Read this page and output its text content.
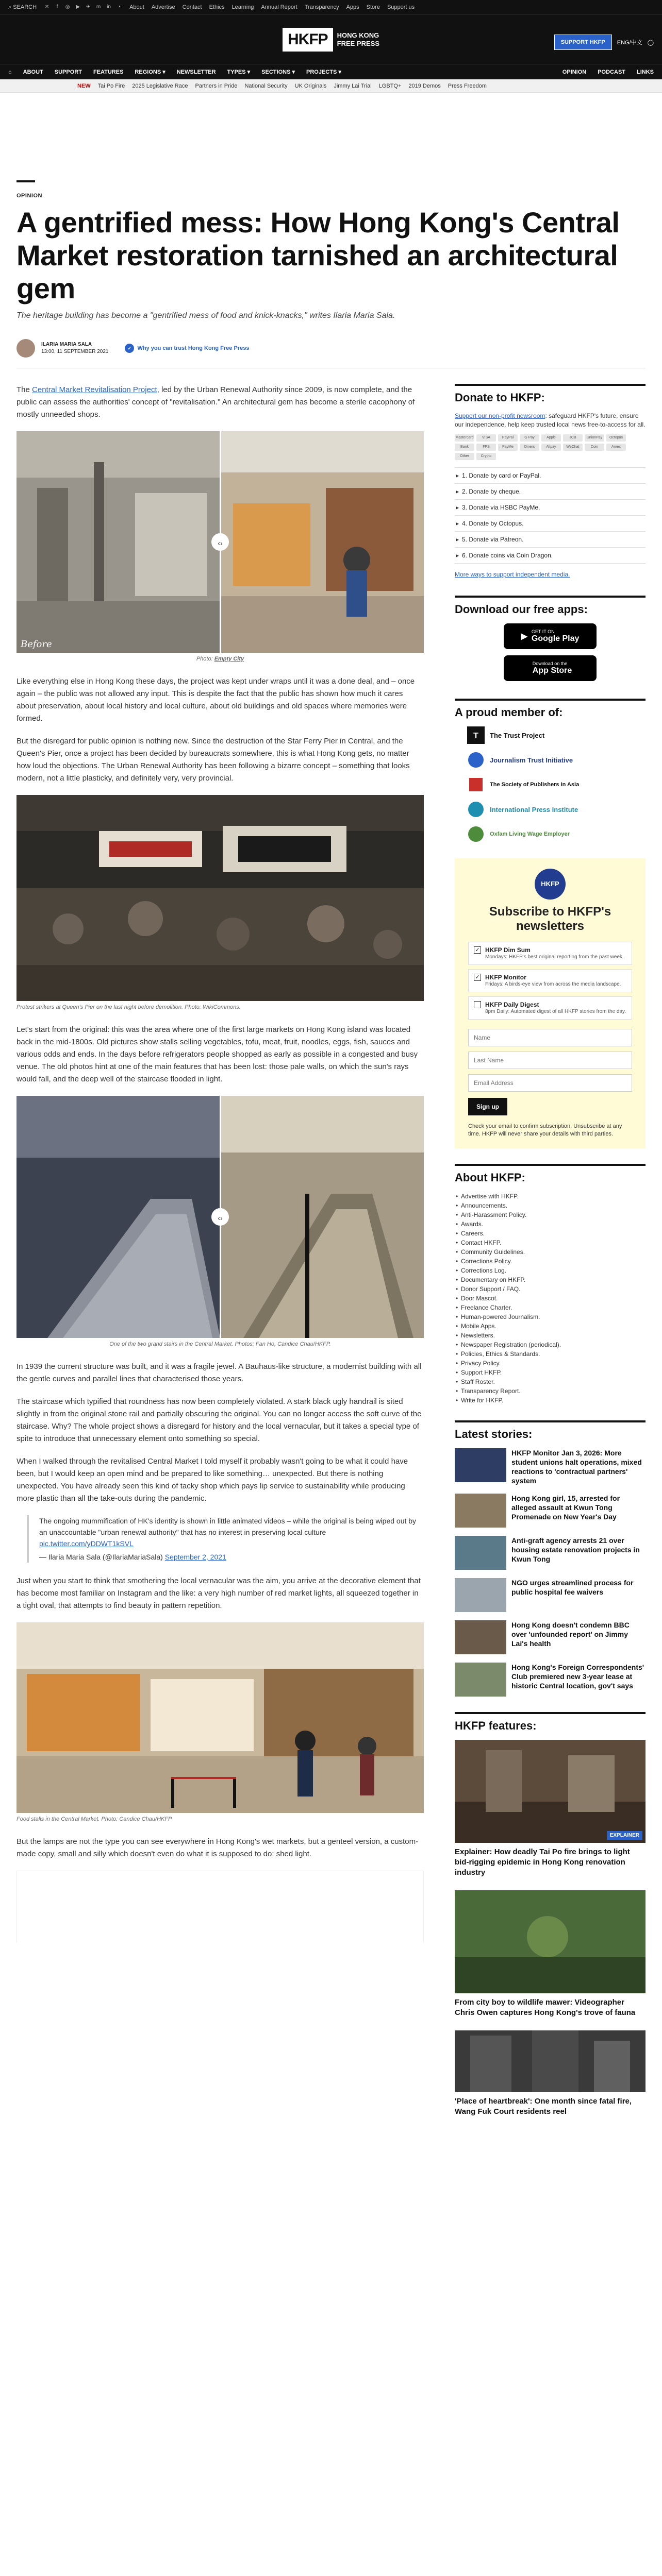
⌕ SEARCH ✕	f	◎ ▶ ✈ m in ◔ About Advertise Contact Ethics Learning Annual Report Transparency Apps Store Support us
HKFP	HONG KONG
FREE PRESS	SUPPORT HKFP	ENG/中文 ◯
⌂ ABOUT SUPPORT FEATURES REGIONS ▾ NEWSLETTER TYPES ▾ SECTIONS ▾ PROJECTS ▾	OPINION PODCAST LINKS
NEW Tai Po Fire 2025 Legislative Race Partners in Pride National Security UK Originals Jimmy Lai Trial LGBTQ+ 2019 Demos Press Freedom
OPINION
A gentrified mess: How Hong Kong's Central Market restoration tarnished an architectural gem
The heritage building has become a "gentrified mess of food and knick-knacks," writes Ilaria Maria Sala.
ILARIA MARIA SALA
13:00, 11 SEPTEMBER 2021
✓	Why you can trust Hong Kong Free Press

The Central Market Revitalisation Project, led by the Urban Renewal Authority since 2009, is now complete, and the public can assess the authorities' concept of "revitalisation." An architectural gem has become a sterile cacophony of mostly unneeded shops.

‹›
Before
Photo: Empty City

Like everything else in Hong Kong these days, the project was kept under wraps until it was a done deal, and – once again – the public was not allowed any input. This is despite the fact that the public has shown how much it cares about preservation, about local history and local culture, about old buildings and old spaces where memories were formed.

But the disregard for public opinion is nothing new. Since the destruction of the Star Ferry Pier in Central, and the Queen's Pier, once a project has been decided by bureaucrats somewhere, this is what Hong Kong gets, no matter how loud the objections. The Urban Renewal Authority has been following a bizarre concept – something that looks modern, not a little plasticky, and definitely very, very provincial.

Protest strikers at Queen's Pier on the last night before demolition. Photo: WikiCommons.

Let's start from the original: this was the area where one of the first large markets on Hong Kong island was located back in the mid-1800s. Old pictures show stalls selling vegetables, tofu, meat, fruit, noodles, eggs, fish, sauces and various odds and ends. In the days before refrigerators people shopped as early as possible in a congested and busy venue. The old photos hint at one of the main features that has been lost: those pale walls, on which the sun's rays would fall, and the deep well of the staircase flooded in light.

‹›
One of the two grand stairs in the Central Market. Photos: Fan Ho, Candice Chau/HKFP.

In 1939 the current structure was built, and it was a fragile jewel. A Bauhaus-like structure, a modernist building with all the gentle curves and parallel lines that characterised those years.

The staircase which typified that roundness has now been completely violated. A stark black ugly handrail is sited slightly in from the original stone rail and partially obscuring the original. You can no longer access the soft curve of the staircase. Why? The whole project shows a disregard for history and the local vernacular, but it takes a special type of spite to introduce that unnecessary element onto something so special.

When I walked through the revitalised Central Market I told myself it probably wasn't going to be what it could have been, but I would keep an open mind and be prepared to like something… unexpected. But there is nothing unexpected. You have already seen this kind of tacky shop which pays lip service to sustainability while producing more plastic than all the take-outs during the pandemic.

The ongoing mummification of HK's identity is shown in little animated videos – while the original is being wiped out by an unaccountable "urban renewal authority" that has no interest in preserving local culture
pic.twitter.com/yDDWT1kSVL
— Ilaria Maria Sala (@IlariaMariaSala) September 2, 2021

Just when you start to think that smothering the local vernacular was the aim, you arrive at the decorative element that has become most familiar on Instagram and the like: a very high number of red market lights, all squeezed together in a tight oval, that attempts to find beauty in pattern repetition.

Food stalls in the Central Market. Photo: Candice Chau/HKFP

But the lamps are not the type you can see everywhere in Hong Kong's wet markets, but a genteel version, a custom-made copy, small and silly which doesn't even do what it is supposed to do: shed light.

Donate to HKFP:
Support our non-profit newsroom: safeguard HKFP's future, ensure our independence, help keep trusted local news free-to-access for all.
Mastercard	VISA	PayPal	G Pay	Apple	JCB	UnionPay	Octopus
Bank	FPS	PayMe	Diners	Alipay	WeChat	Coin	Amex
Other	Crypto
▸ 1. Donate by card or PayPal.
▸ 2. Donate by cheque.
▸ 3. Donate via HSBC PayMe.
▸ 4. Donate by Octopus.
▸ 5. Donate via Patreon.
▸ 6. Donate coins via Coin Dragon.
More ways to support independent media.
Download our free apps:
▶
GET IT ON
Google Play
Download on the
App Store
A proud member of:
T The Trust Project
Journalism Trust Initiative
The Society of Publishers in Asia
International Press Institute
Oxfam Living Wage Employer
HKFP
Subscribe to HKFP's newsletters
✓ HKFP Dim Sum
Mondays: HKFP's best original reporting from the past week.
✓ HKFP Monitor
Fridays: A birds-eye view from across the media landscape.
HKFP Daily Digest
8pm Daily: Automated digest of all HKFP stories from the day.
Name Last Name Email Address Sign up
Check your email to confirm subscription. Unsubscribe at any time. HKFP will never share your details with third parties.
About HKFP:
• Advertise with HKFP.
• Announcements.
• Anti-Harassment Policy.
• Awards.
• Careers.
• Contact HKFP.
• Community Guidelines.
• Corrections Policy.
• Corrections Log.
• Documentary on HKFP.
• Donor Support / FAQ.
• Door Mascot.
• Freelance Charter.
• Human-powered Journalism.
• Mobile Apps.
• Newsletters.
• Newspaper Registration (periodical).
• Policies, Ethics & Standards.
• Privacy Policy.
• Support HKFP.
• Staff Roster.
• Transparency Report.
• Write for HKFP.
Latest stories:
HKFP Monitor Jan 3, 2026: More student unions halt operations, mixed reactions to 'contractual partners' system
Hong Kong girl, 15, arrested for alleged assault at Kwun Tong Promenade on New Year's Day
Anti-graft agency arrests 21 over housing estate renovation projects in Kwun Tong
NGO urges streamlined process for public hospital fee waivers
Hong Kong doesn't condemn BBC over 'unfounded report' on Jimmy Lai's health
Hong Kong's Foreign Correspondents' Club premiered new 3-year lease at historic Central location, gov't says
HKFP features:
EXPLAINER
Explainer: How deadly Tai Po fire brings to light bid-rigging epidemic in Hong Kong renovation industry
From city boy to wildlife mawer: Videographer Chris Owen captures Hong Kong's trove of fauna
'Place of heartbreak': One month since fatal fire, Wang Fuk Court residents reel
